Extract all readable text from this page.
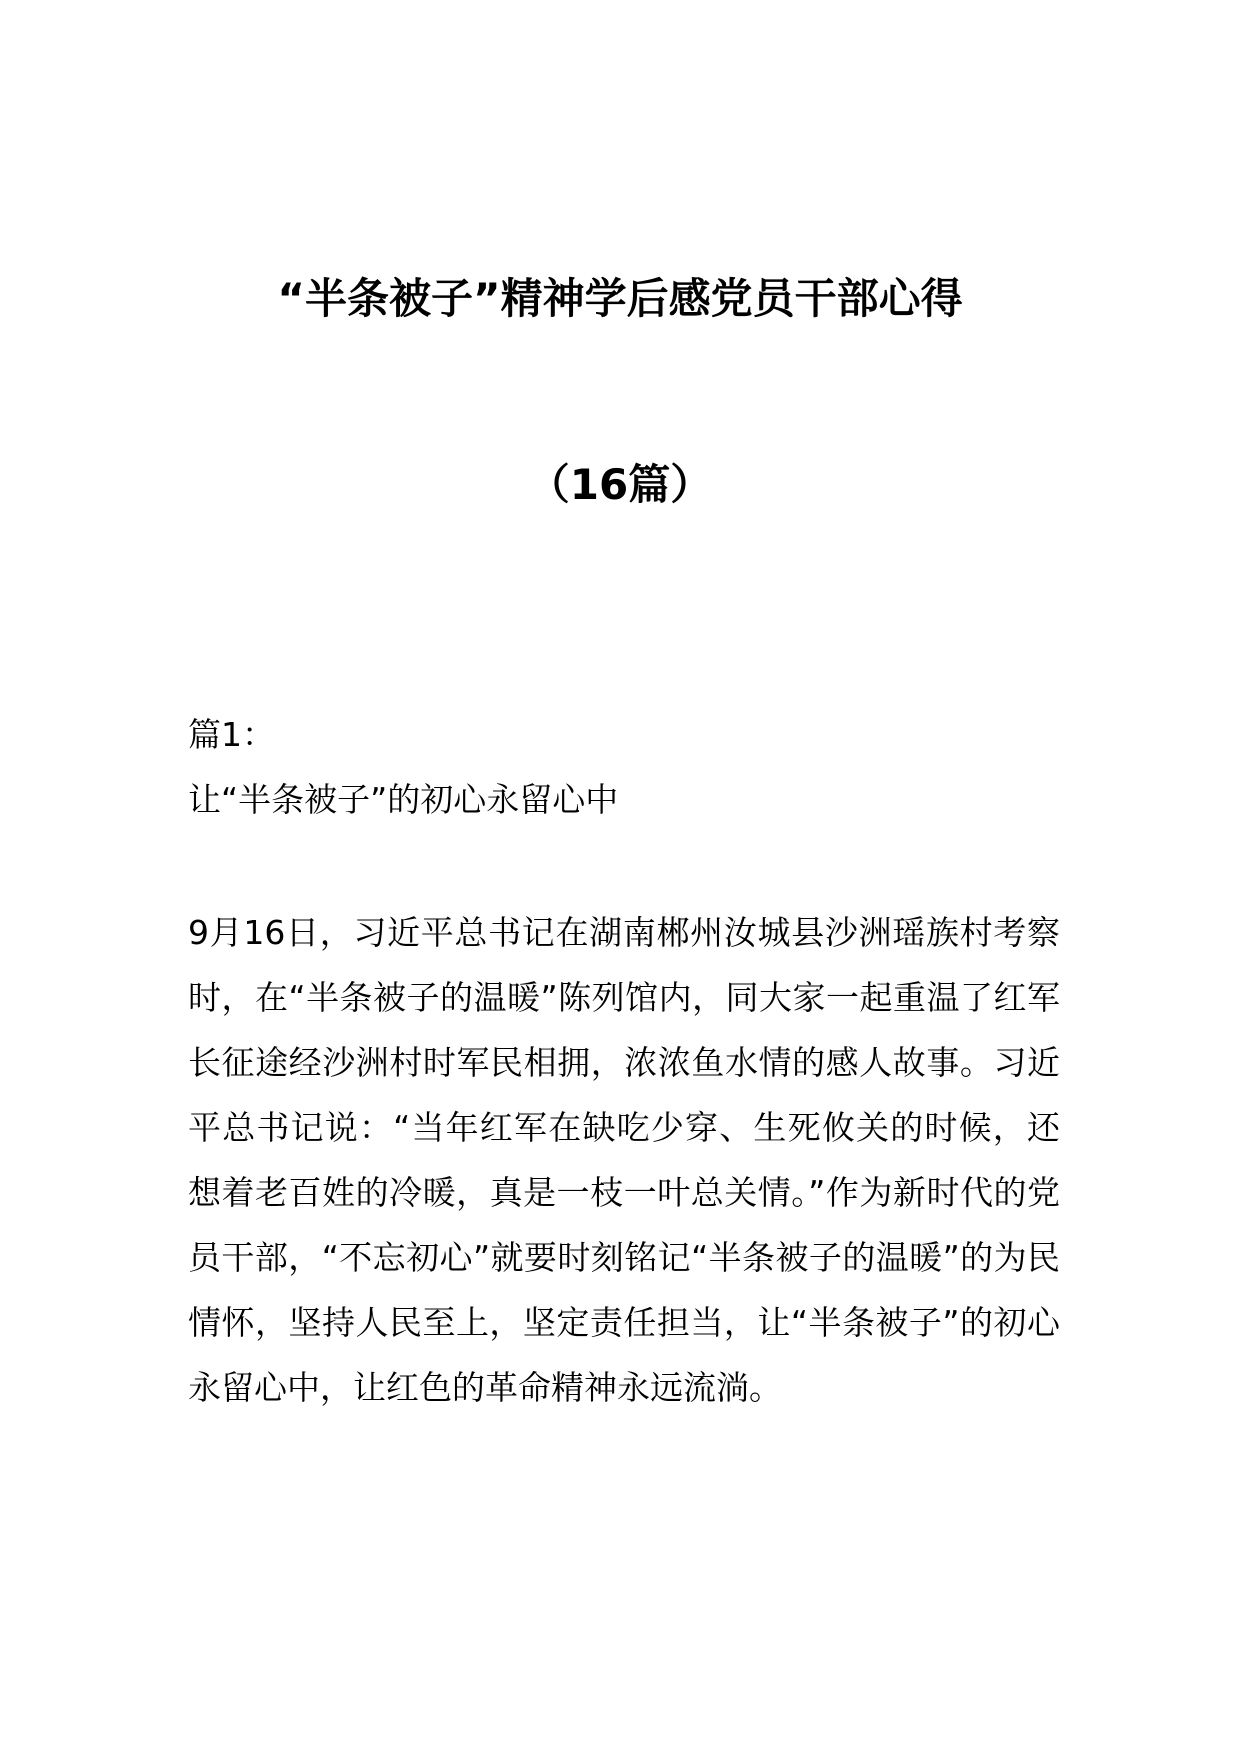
“半条被子”精神学后感党员干部心得
（16篇）
篇1：
让“半条被子”的初心永留心中
9月16日，习近平总书记在湖南郴州汝城县沙洲瑶族村考察时，在“半条被子的温暖”陈列馆内，同大家一起重温了红军长征途经沙洲村时军民相拥，浓浓鱼水情的感人故事。习近平总书记说：“当年红军在缺吃少穿、生死攸关的时候，还想着老百姓的冷暖，真是一枝一叶总关情。”作为新时代的党员干部，“不忘初心”就要时刻铭记“半条被子的温暖”的为民情怀，坚持人民至上，坚定责任担当，让“半条被子”的初心永留心中，让红色的革命精神永远流淌。
